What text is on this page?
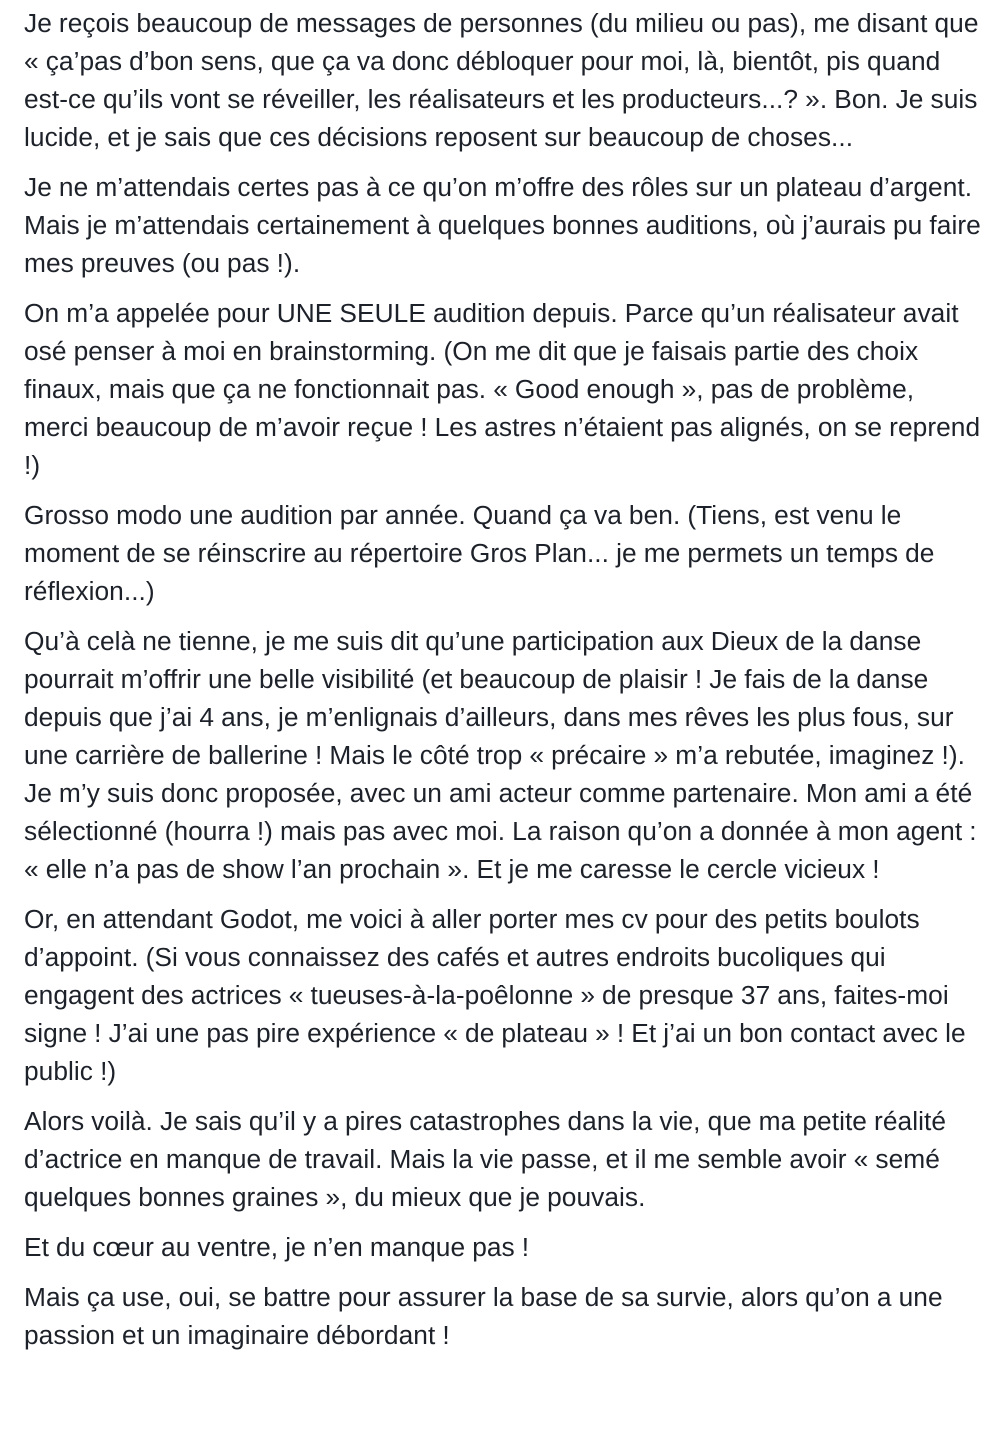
Je reçois beaucoup de messages de personnes (du milieu ou pas), me disant que « ça’pas d’bon sens, que ça va donc débloquer pour moi, là, bientôt, pis quand est-ce qu’ils vont se réveiller, les réalisateurs et les producteurs...? ». Bon. Je suis lucide, et je sais que ces décisions reposent sur beaucoup de choses...

Je ne m’attendais certes pas à ce qu’on m’offre des rôles sur un plateau d’argent. Mais je m’attendais certainement à quelques bonnes auditions, où j’aurais pu faire mes preuves (ou pas !).

On m’a appelée pour UNE SEULE audition depuis. Parce qu’un réalisateur avait osé penser à moi en brainstorming. (On me dit que je faisais partie des choix finaux, mais que ça ne fonctionnait pas. « Good enough », pas de problème, merci beaucoup de m’avoir reçue ! Les astres n’étaient pas alignés, on se reprend !)

Grosso modo une audition par année. Quand ça va ben. (Tiens, est venu le moment de se réinscrire au répertoire Gros Plan... je me permets un temps de réflexion...)

Qu’à celà ne tienne, je me suis dit qu’une participation aux Dieux de la danse pourrait m’offrir une belle visibilité (et beaucoup de plaisir ! Je fais de la danse depuis que j’ai 4 ans, je m’enlignais d’ailleurs, dans mes rêves les plus fous, sur une carrière de ballerine ! Mais le côté trop « précaire » m’a rebutée, imaginez !). Je m’y suis donc proposée, avec un ami acteur comme partenaire. Mon ami a été sélectionné (hourra !) mais pas avec moi. La raison qu’on a donnée à mon agent : « elle n’a pas de show l’an prochain ». Et je me caresse le cercle vicieux !

Or, en attendant Godot, me voici à aller porter mes cv pour des petits boulots d’appoint. (Si vous connaissez des cafés et autres endroits bucoliques qui engagent des actrices « tueuses-à-la-poêlonne » de presque 37 ans, faites-moi signe ! J’ai une pas pire expérience « de plateau » ! Et j’ai un bon contact avec le public !)

Alors voilà. Je sais qu’il y a pires catastrophes dans la vie, que ma petite réalité d’actrice en manque de travail. Mais la vie passe, et il me semble avoir « semé quelques bonnes graines », du mieux que je pouvais.

Et du cœur au ventre, je n’en manque pas !

Mais ça use, oui, se battre pour assurer la base de sa survie, alors qu’on a une passion et un imaginaire débordant !
